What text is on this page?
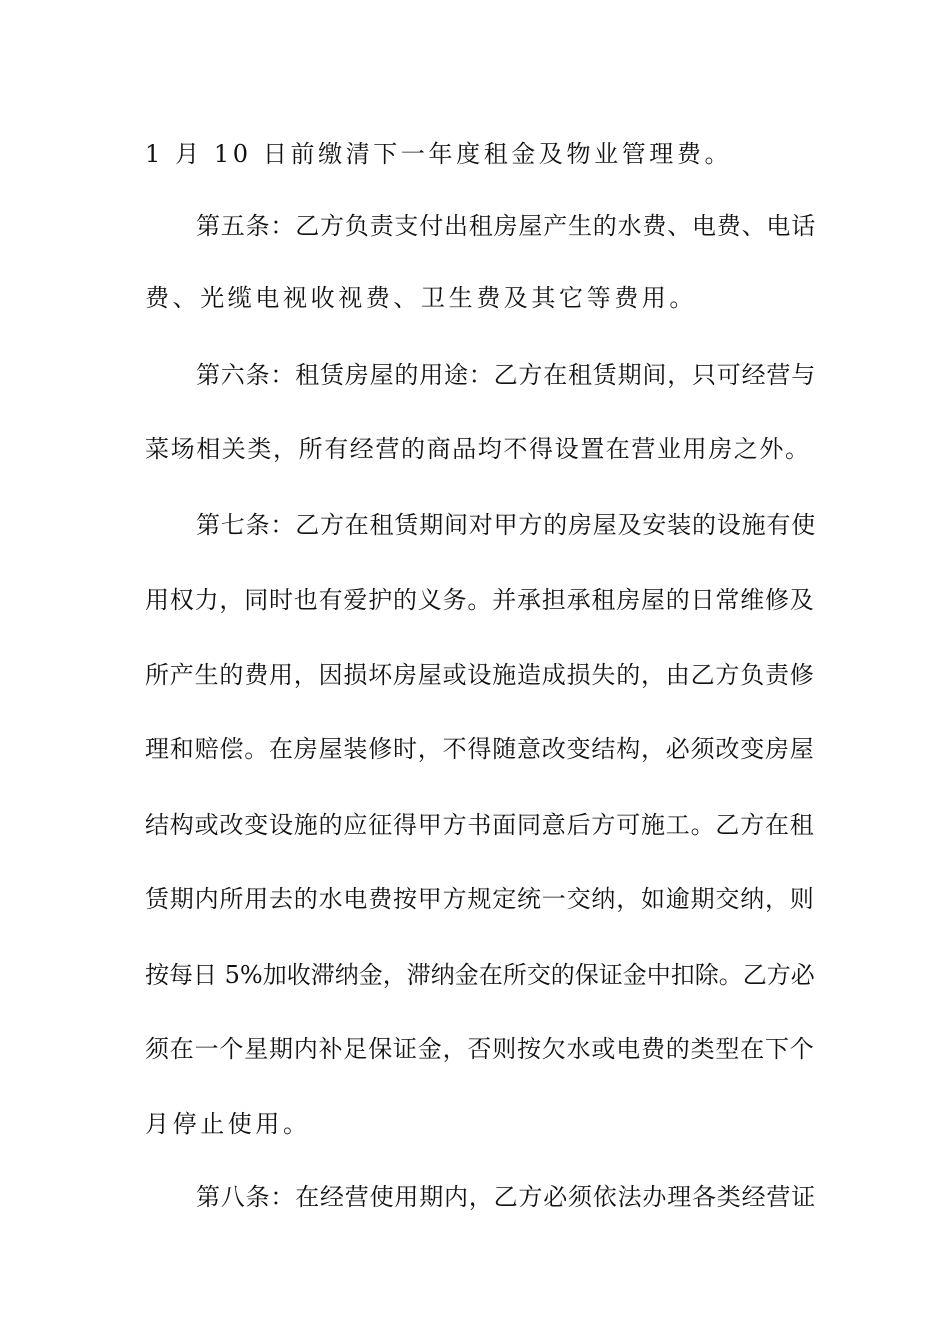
1 月 10 日前缴清下一年度租金及物业管理费。
第五条：乙方负责支付出租房屋产生的水费、电费、电话
费、光缆电视收视费、卫生费及其它等费用。
第六条：租赁房屋的用途：乙方在租赁期间，只可经营与
菜场相关类，所有经营的商品均不得设置在营业用房之外。
第七条：乙方在租赁期间对甲方的房屋及安装的设施有使
用权力，同时也有爱护的义务。并承担承租房屋的日常维修及
所产生的费用，因损坏房屋或设施造成损失的，由乙方负责修
理和赔偿。在房屋装修时，不得随意改变结构，必须改变房屋
结构或改变设施的应征得甲方书面同意后方可施工。乙方在租
赁期内所用去的水电费按甲方规定统一交纳，如逾期交纳，则
按每日 5%加收滞纳金，滞纳金在所交的保证金中扣除。乙方必
须在一个星期内补足保证金，否则按欠水或电费的类型在下个
月停止使用。
第八条：在经营使用期内，乙方必须依法办理各类经营证
